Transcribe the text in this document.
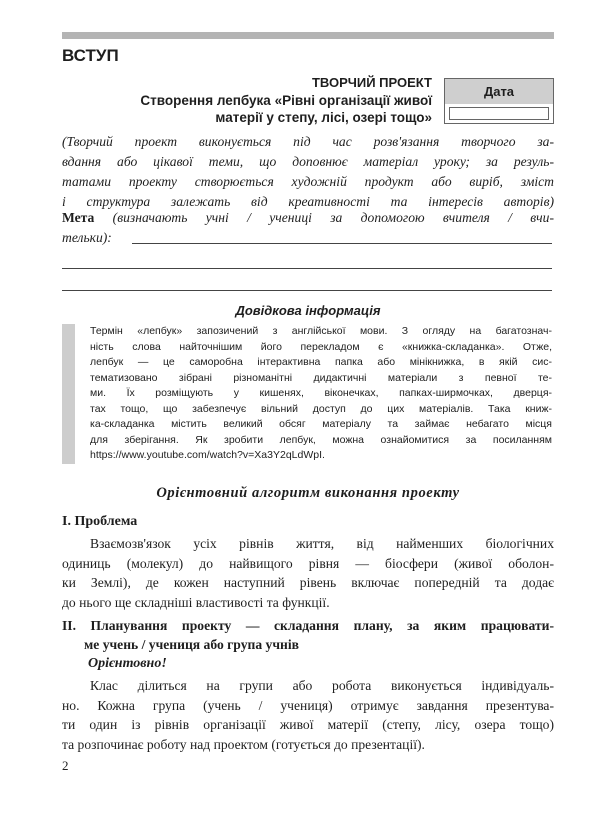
ВСТУП
ТВОРЧИЙ ПРОЕКТ
Створення лепбука «Рівні організації живої
матерії у степу, лісі, озері тощо»
Дата
(Творчий проект виконується під час розв'язання творчого за-
вдання або цікавої теми, що доповнює матеріал уроку; за резуль-
татами проекту створюється художній продукт або виріб, зміст
і структура залежать від креативності та інтересів авторів)
Мета (визначають учні / учениці за допомогою вчителя / вчи-
тельки):
Довідкова інформація
Термін «лепбук» запозичений з англійської мови. З огляду на багатознач-
ність слова найточнішим його перекладом є «книжка-складанка». Отже,
лепбук — це саморобна інтерактивна папка або мінікнижка, в якій сис-
тематизовано зібрані різноманітні дидактичні матеріали з певної те-
ми. Їх розміщують у кишенях, віконечках, папках-ширмочках, дверця-
тах тощо, що забезпечує вільний доступ до цих матеріалів. Така книж-
ка-складанка містить великий обсяг матеріалу та займає небагато місця
для зберігання. Як зробити лепбук, можна ознайомитися за посиланням
https://www.youtube.com/watch?v=Xa3Y2qLdWpI.
Орієнтовний алгоритм виконання проекту
I. Проблема
Взаємозв'язок усіх рівнів життя, від найменших біологічних
одиниць (молекул) до найвищого рівня — біосфери (живої оболон-
ки Землі), де кожен наступний рівень включає попередній та додає
до нього ще складніші властивості та функції.
II. Планування проекту — складання плану, за яким працювати-
ме учень / учениця або група учнів
Орієнтовно!
Клас ділиться на групи або робота виконується індивідуаль-
но. Кожна група (учень / учениця) отримує завдання презентува-
ти один із рівнів організації живої матерії (степу, лісу, озера тощо)
та розпочинає роботу над проектом (готується до презентації).
2
